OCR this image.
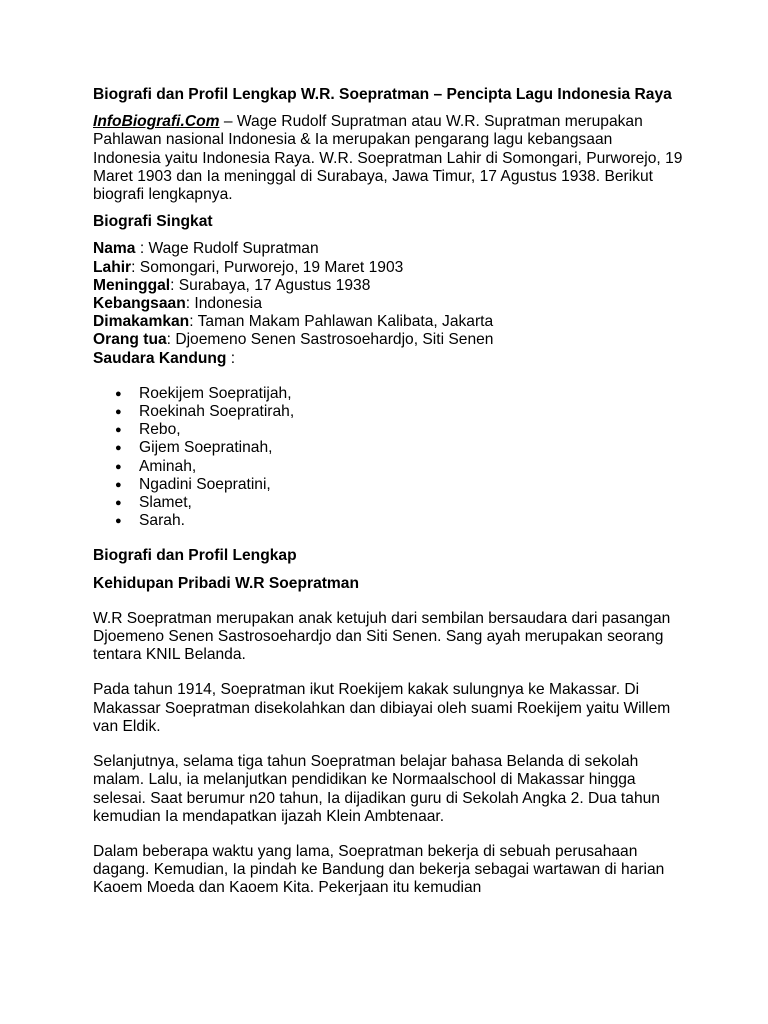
Biografi dan Profil Lengkap W.R. Soepratman – Pencipta Lagu Indonesia Raya

InfoBiografi.Com – Wage Rudolf Supratman atau W.R. Supratman merupakan Pahlawan nasional Indonesia & Ia merupakan pengarang lagu kebangsaan Indonesia yaitu Indonesia Raya. W.R. Soepratman Lahir di Somongari, Purworejo, 19 Maret 1903 dan Ia meninggal di Surabaya, Jawa Timur, 17 Agustus 1938. Berikut biografi lengkapnya.

Biografi Singkat

Nama : Wage Rudolf Supratman
Lahir: Somongari, Purworejo, 19 Maret 1903
Meninggal: Surabaya, 17 Agustus 1938
Kebangsaan: Indonesia
Dimakamkan: Taman Makam Pahlawan Kalibata, Jakarta
Orang tua: Djoemeno Senen Sastrosoehardjo, Siti Senen
Saudara Kandung :
● Roekijem Soepratijah,
● Roekinah Soepratirah,
● Rebo,
● Gijem Soepratinah,
● Aminah,
● Ngadini Soepratini,
● Slamet,
● Sarah.

Biografi dan Profil Lengkap

Kehidupan Pribadi W.R Soepratman

W.R Soepratman merupakan anak ketujuh dari sembilan bersaudara dari pasangan Djoemeno Senen Sastrosoehardjo dan Siti Senen. Sang ayah merupakan seorang tentara KNIL Belanda.

Pada tahun 1914, Soepratman ikut Roekijem kakak sulungnya ke Makassar. Di Makassar Soepratman disekolahkan dan dibiayai oleh suami Roekijem yaitu Willem van Eldik.

Selanjutnya, selama tiga tahun Soepratman belajar bahasa Belanda di sekolah malam. Lalu, ia melanjutkan pendidikan ke Normaalschool di Makassar hingga selesai. Saat berumur n20 tahun, Ia dijadikan guru di Sekolah Angka 2. Dua tahun kemudian Ia mendapatkan ijazah Klein Ambtenaar.

Dalam beberapa waktu yang lama, Soepratman bekerja di sebuah perusahaan dagang. Kemudian, Ia pindah ke Bandung dan bekerja sebagai wartawan di harian Kaoem Moeda dan Kaoem Kita. Pekerjaan itu kemudian
